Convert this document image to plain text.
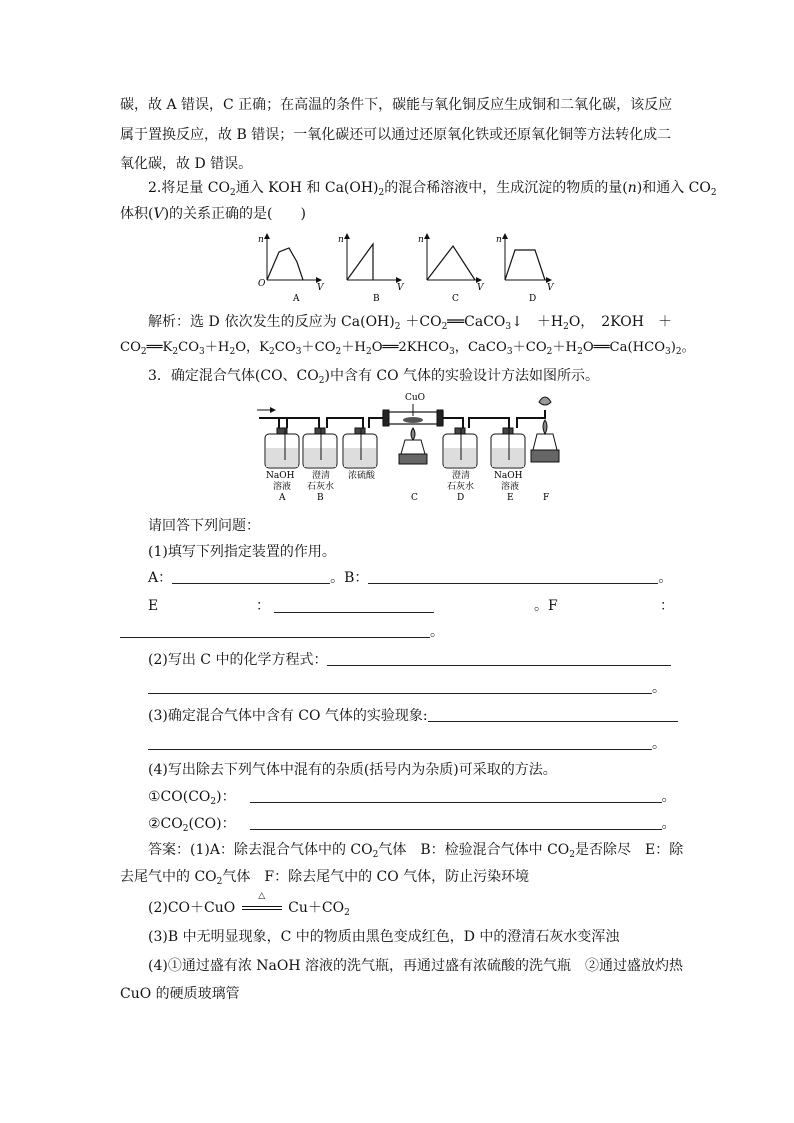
碳，故 A 错误，C 正确；在高温的条件下，碳能与氧化铜反应生成铜和二氧化碳，该反应
属于置换反应，故 B 错误；一氧化碳还可以通过还原氧化铁或还原氧化铜等方法转化成二
氧化碳，故 D 错误。
2.将足量 $CO_2$通入 KOH 和 $Ca(OH)_2$的混合稀溶液中，生成沉淀的物质的量(n)和通入 $CO_2$
体积(V)的关系正确的是(　　)
n
O	V
A
n
V
B
n
V
C
n
V
D
解析：选 D 依次发生的反应为 $Ca(OH)_2$ $+CO_2══CaCO_3↓$　$+H_2O$，　2KOH　＋
$CO_2══K_2CO_3+H_2O$，$K_2CO_3+CO_2+H_2O══2KHCO_3$，$CaCO_3+CO_2+H_2O══Ca(HCO_3)_2$。
3．确定混合气体(CO、$CO_2$)中含有 CO 气体的实验设计方法如图所示。
CuO
NaOH
溶液
A
澄清
石灰水
B
浓硫酸
C
澄清
石灰水
D
NaOH
溶液
E	F
请回答下列问题：
(1)填写下列指定装置的作用。
A：	。B：	。
E	：	。F	：
。
(2)写出 C 中的化学方程式：
。
(3)确定混合气体中含有 CO 气体的实验现象:
。
(4)写出除去下列气体中混有的杂质(括号内为杂质)可采取的方法。
$①CO(CO_2)$：	。
$②CO_2(CO)$：	。
答案：(1)A：除去混合气体中的 $CO_2$气体　B：检验混合气体中 $CO_2$是否除尽　E：除
去尾气中的 $CO_2$气体　F：除去尾气中的 CO 气体，防止污染环境
(2)CO＋CuO
△
$Cu+CO_2$
(3)B 中无明显现象，C 中的物质由黑色变成红色，D 中的澄清石灰水变浑浊
(4)①通过盛有浓 NaOH 溶液的洗气瓶，再通过盛有浓硫酸的洗气瓶　②通过盛放灼热
CuO 的硬质玻璃管
